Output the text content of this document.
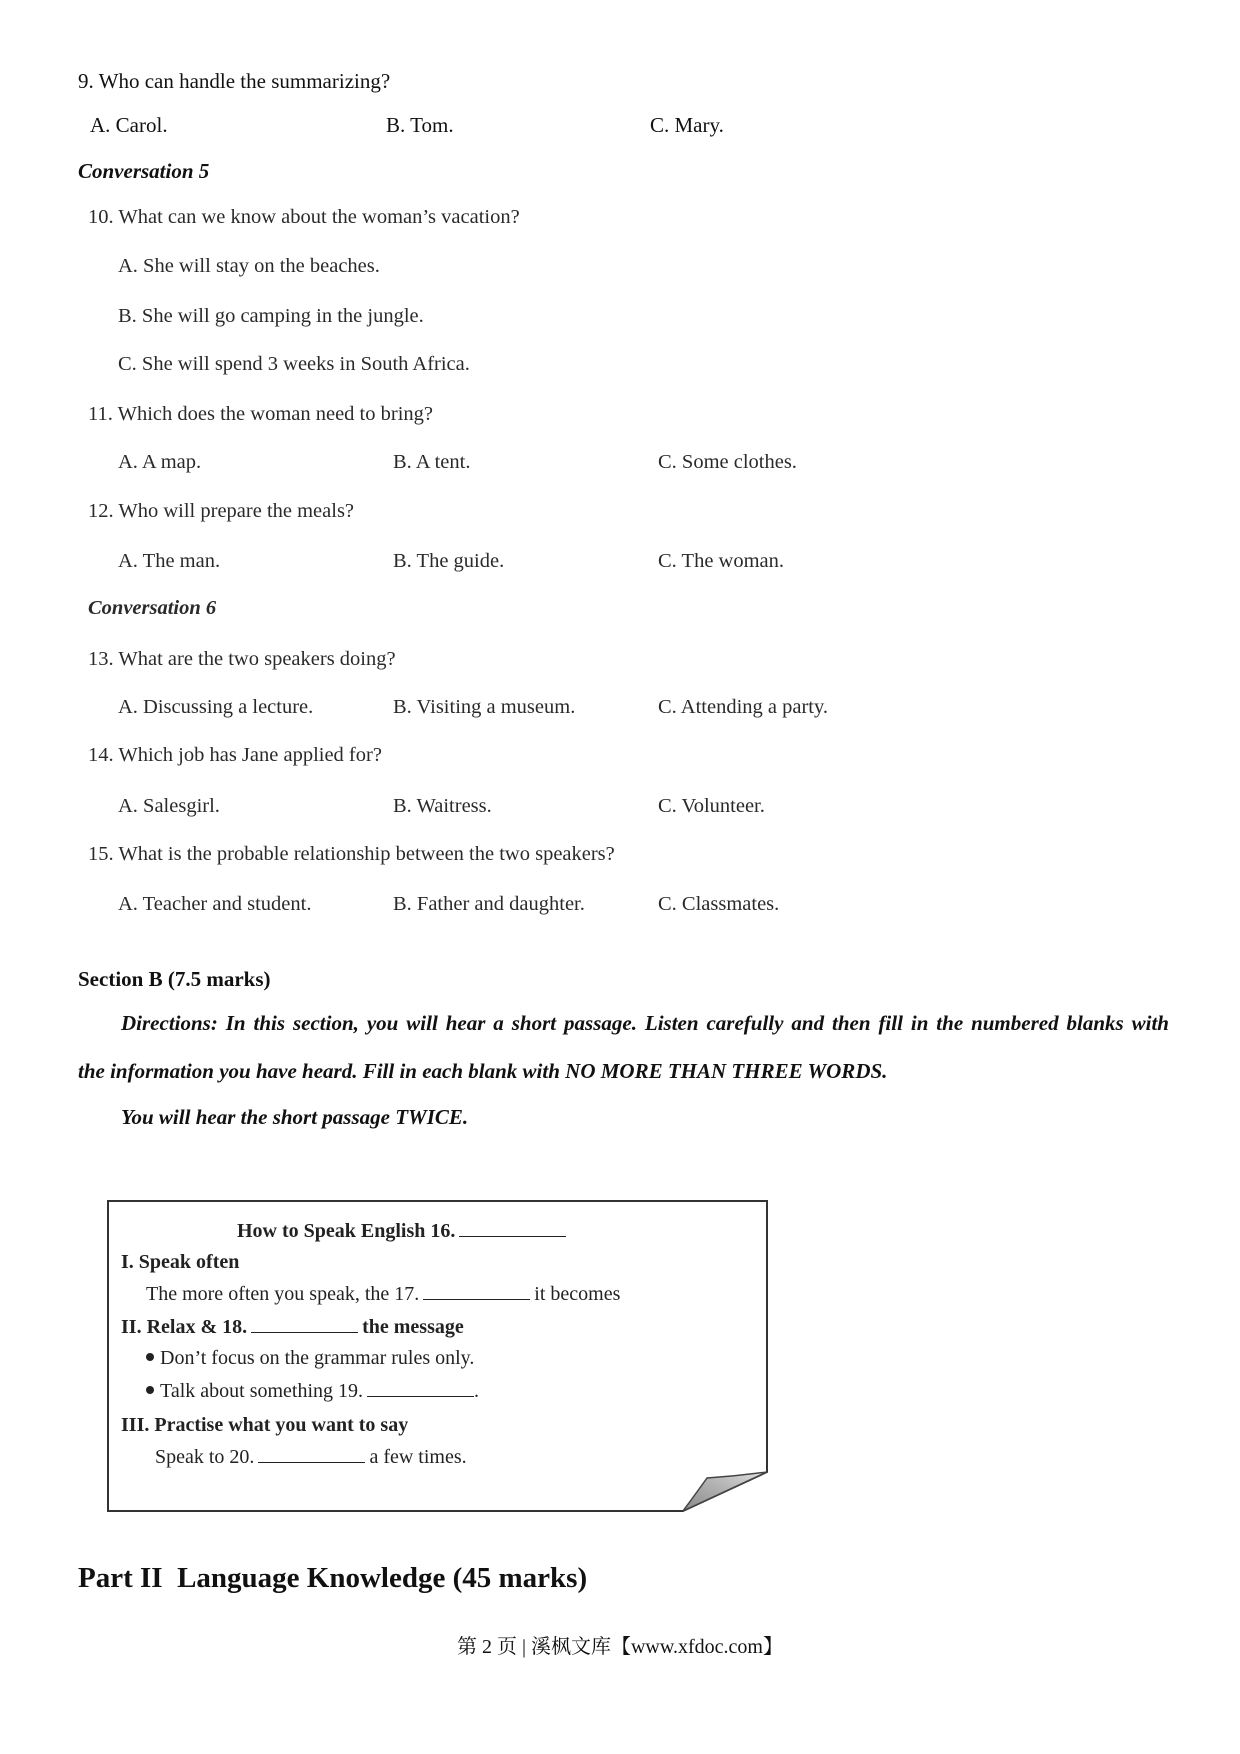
9. Who can handle the summarizing?
A. Carol.	B. Tom.	C. Mary.
Conversation 5
10. What can we know about the woman’s vacation?
A. She will stay on the beaches.
B. She will go camping in the jungle.
C. She will spend 3 weeks in South Africa.
11. Which does the woman need to bring?
A. A map.	B. A tent.	C. Some clothes.
12. Who will prepare the meals?
A. The man.	B. The guide.	C. The woman.
Conversation 6
13. What are the two speakers doing?
A. Discussing a lecture.	B. Visiting a museum.	C. Attending a party.
14. Which job has Jane applied for?
A. Salesgirl.	B. Waitress.	C. Volunteer.
15. What is the probable relationship between the two speakers?
A. Teacher and student.	B. Father and daughter.	C. Classmates.
Section B (7.5 marks)
Directions: In this section, you will hear a short passage. Listen carefully and then fill in the numbered blanks with
the information you have heard. Fill in each blank with NO MORE THAN THREE WORDS.
You will hear the short passage TWICE.
How to Speak English 16.
I. Speak often
The more often you speak, the 17.	it becomes
II. Relax & 18.	the message
Don’t focus on the grammar rules only.
Talk about something 19.	.
III. Practise what you want to say
Speak to 20.	a few times.
Part II  Language Knowledge (45 marks)
第 2 页 | 溪枫文库【www.xfdoc.com】
